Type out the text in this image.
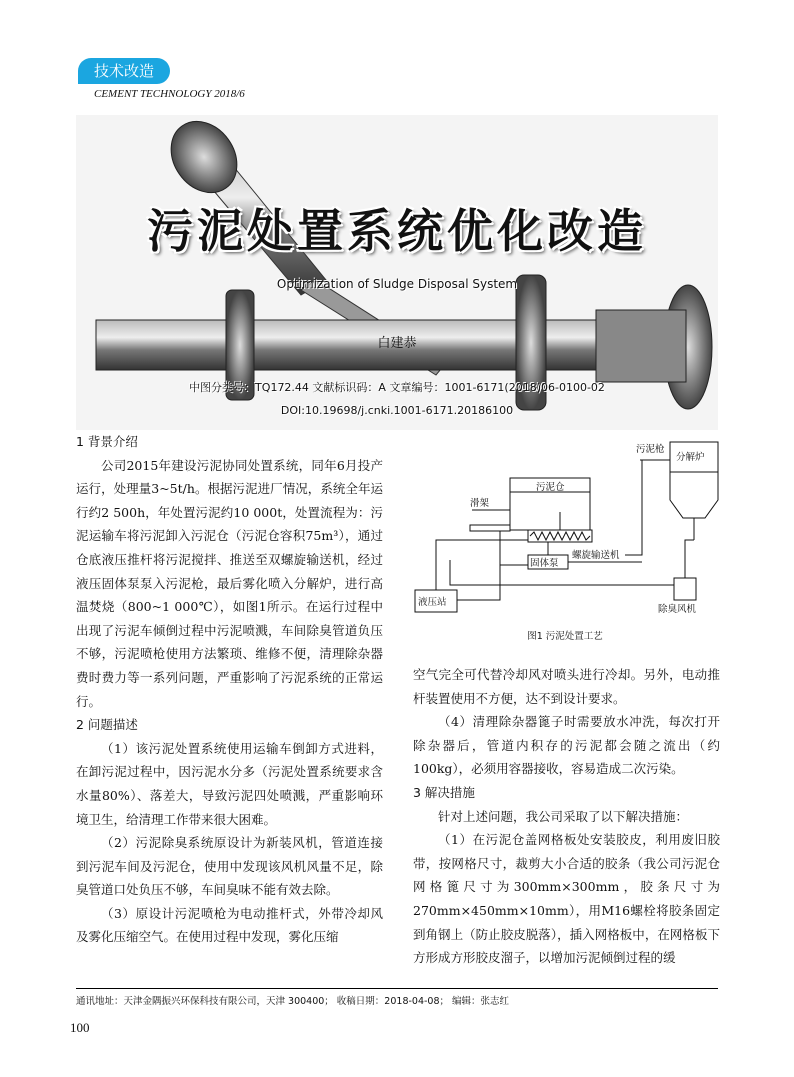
技术改造
CEMENT TECHNOLOGY 2018/6
污泥处置系统优化改造
Optimization of Sludge Disposal System
白建恭
中图分类号：TQ172.44 文献标识码：A 文章编号：1001-6171(2018)06-0100-02
DOI:10.19698/j.cnki.1001-6171.20186100

1 背景介绍

公司2015年建设污泥协同处置系统，同年6月投产运行，处理量3~5t/h。根据污泥进厂情况，系统全年运行约2 500h，年处置污泥约10 000t，处置流程为：污泥运输车将污泥卸入污泥仓（污泥仓容积75m³），通过仓底液压推杆将污泥搅拌、推送至双螺旋输送机，经过液压固体泵泵入污泥枪，最后雾化喷入分解炉，进行高温焚烧（800~1 000℃），如图1所示。在运行过程中出现了污泥车倾倒过程中污泥喷溅，车间除臭管道负压不够，污泥喷枪使用方法繁琐、维修不便，清理除杂器费时费力等一系列问题，严重影响了污泥系统的正常运行。

2 问题描述

（1）该污泥处置系统使用运输车倒卸方式进料，在卸污泥过程中，因污泥水分多（污泥处置系统要求含水量80%）、落差大，导致污泥四处喷溅，严重影响环境卫生，给清理工作带来很大困难。

（2）污泥除臭系统原设计为新装风机，管道连接到污泥车间及污泥仓，使用中发现该风机风量不足，除臭管道口处负压不够，车间臭味不能有效去除。

（3）原设计污泥喷枪为电动推杆式，外带冷却风及雾化压缩空气。在使用过程中发现，雾化压缩

污泥枪
分解炉
污泥仓
滑架
螺旋输送机
固体泵
液压站
除臭风机
图1 污泥处置工艺

空气完全可代替冷却风对喷头进行冷却。另外，电动推杆装置使用不方便，达不到设计要求。

（4）清理除杂器篦子时需要放水冲洗，每次打开除杂器后，管道内积存的污泥都会随之流出（约100kg），必须用容器接收，容易造成二次污染。

3 解决措施

针对上述问题，我公司采取了以下解决措施：

（1）在污泥仓盖网格板处安装胶皮，利用废旧胶带，按网格尺寸，裁剪大小合适的胶条（我公司污泥仓网格篦尺寸为300mm×300mm，胶条尺寸为270mm×450mm×10mm），用M16螺栓将胶条固定到角钢上（防止胶皮脱落），插入网格板中，在网格板下方形成方形胶皮溜子，以增加污泥倾倒过程的缓

通讯地址：天津金隅振兴环保科技有限公司，天津 300400； 收稿日期：2018-04-08； 编辑：张志红
100
